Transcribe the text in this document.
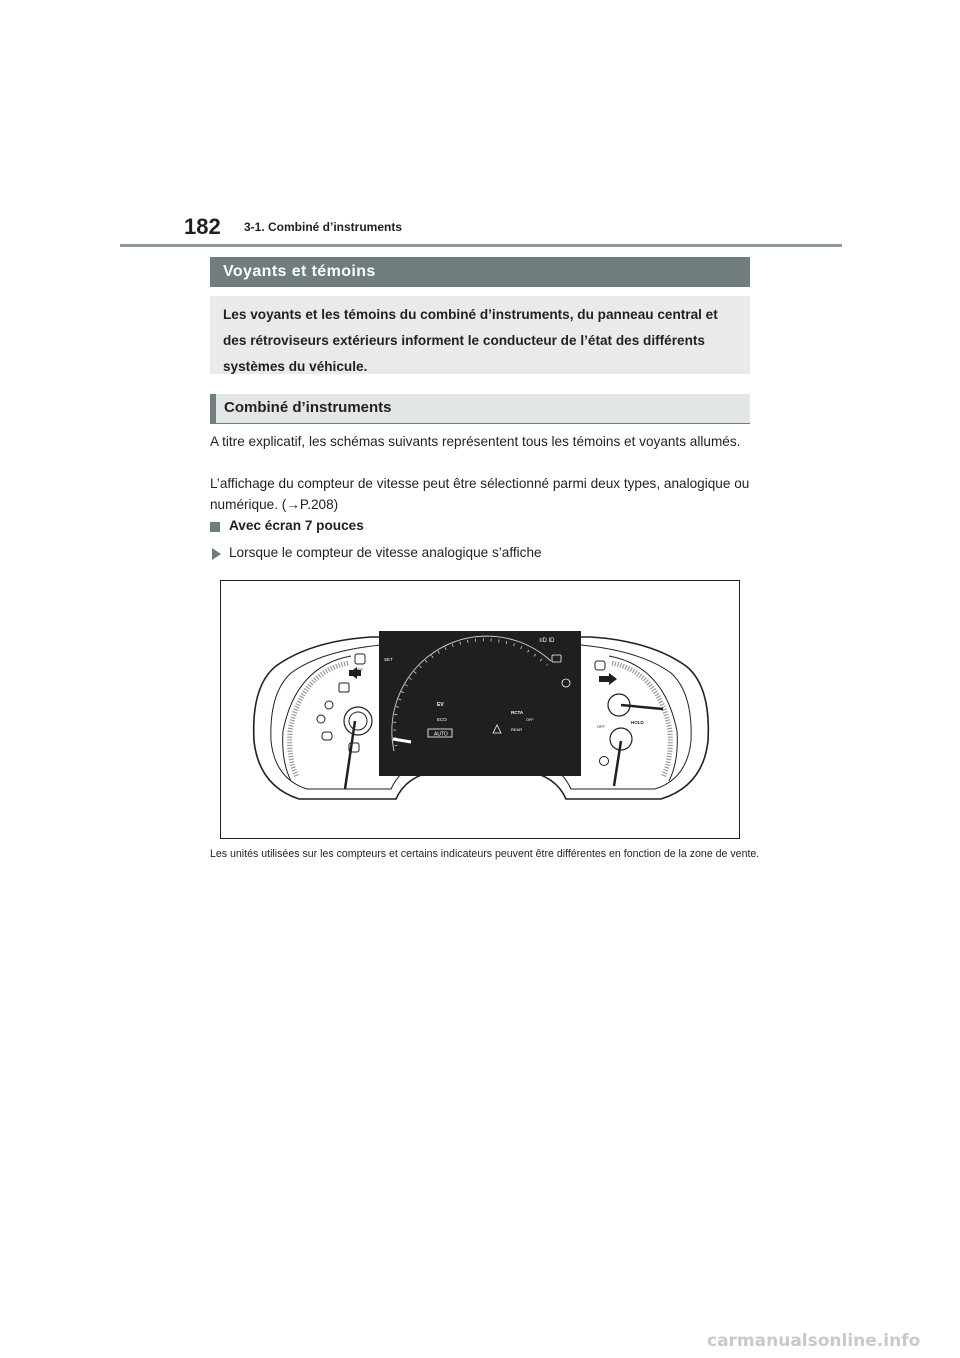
182 3-1. Combiné d’instruments
Voyants et témoins
Les voyants et les témoins du combiné d’instruments, du panneau central et des rétroviseurs extérieurs informent le conducteur de l’état des différents systèmes du véhicule.
Combiné d’instruments

A titre explicatif, les schémas suivants représentent tous les témoins et voyants allumés.

L’affichage du compteur de vitesse peut être sélectionné parmi deux types, analogique ou numérique. (→P.208)

Avec écran 7 pouces
Lorsque le compteur de vitesse analogique s’affiche
OFF
SET
EV
ECO
AUTO
RCTA
REAR
OFF
≡D ID
HOLD
OFF

Les unités utilisées sur les compteurs et certains indicateurs peuvent être différentes en fonction de la zone de vente.

carmanualsonline.info
